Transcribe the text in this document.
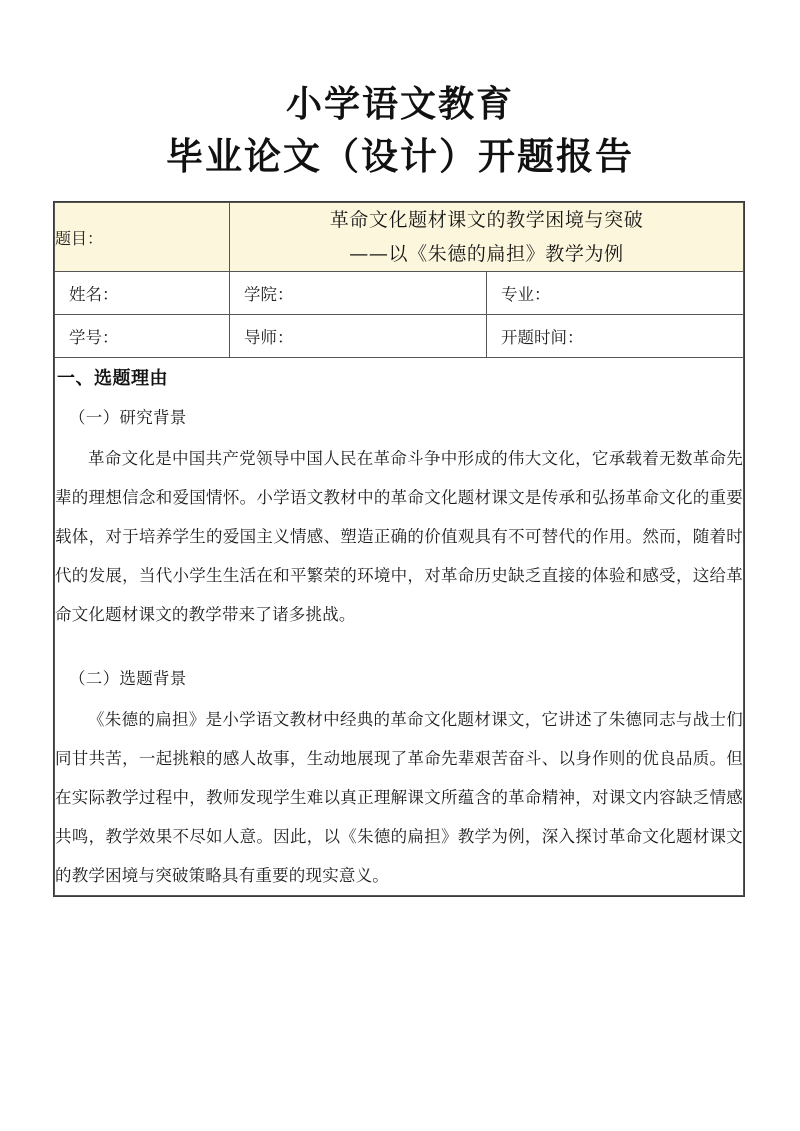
小学语文教育
毕业论文（设计）开题报告
题目：	革命文化题材课文的教学困境与突破
——以《朱德的扁担》教学为例	

姓名：	学院：	专业：
学号：	导师：	开题时间：

一、选题理由
（一）研究背景

革命文化是中国共产党领导中国人民在革命斗争中形成的伟大文化，它承载着无数革命先辈的理想信念和爱国情怀。小学语文教材中的革命文化题材课文是传承和弘扬革命文化的重要载体，对于培养学生的爱国主义情感、塑造正确的价值观具有不可替代的作用。然而，随着时代的发展，当代小学生生活在和平繁荣的环境中，对革命历史缺乏直接的体验和感受，这给革命文化题材课文的教学带来了诸多挑战。

（二）选题背景

《朱德的扁担》是小学语文教材中经典的革命文化题材课文，它讲述了朱德同志与战士们同甘共苦，一起挑粮的感人故事，生动地展现了革命先辈艰苦奋斗、以身作则的优良品质。但在实际教学过程中，教师发现学生难以真正理解课文所蕴含的革命精神，对课文内容缺乏情感共鸣，教学效果不尽如人意。因此，以《朱德的扁担》教学为例，深入探讨革命文化题材课文的教学困境与突破策略具有重要的现实意义。		
